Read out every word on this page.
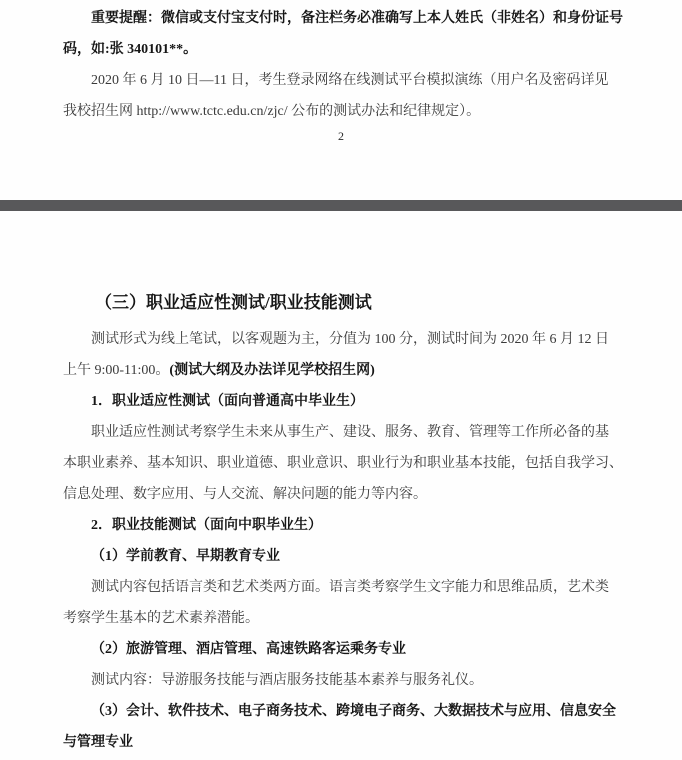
重要提醒：微信或支付宝支付时，备注栏务必准确写上本人姓氏（非姓名）和身份证号
码，如:张 340101**。
2020 年 6 月 10 日—11 日，考生登录网络在线测试平台模拟演练（用户名及密码详见
我校招生网 http://www.tctc.edu.cn/zjc/ 公布的测试办法和纪律规定）。
2
（三）职业适应性测试/职业技能测试
测试形式为线上笔试，以客观题为主，分值为 100 分，测试时间为 2020 年 6 月 12 日
上午 9:00-11:00。(测试大纲及办法详见学校招生网)
1．职业适应性测试（面向普通高中毕业生）
职业适应性测试考察学生未来从事生产、建设、服务、教育、管理等工作所必备的基
本职业素养、基本知识、职业道德、职业意识、职业行为和职业基本技能，包括自我学习、
信息处理、数字应用、与人交流、解决问题的能力等内容。
2．职业技能测试（面向中职毕业生）
（1）学前教育、早期教育专业
测试内容包括语言类和艺术类两方面。语言类考察学生文字能力和思维品质，艺术类
考察学生基本的艺术素养潜能。
（2）旅游管理、酒店管理、高速铁路客运乘务专业
测试内容：导游服务技能与酒店服务技能基本素养与服务礼仪。
（3）会计、软件技术、电子商务技术、跨境电子商务、大数据技术与应用、信息安全
与管理专业
